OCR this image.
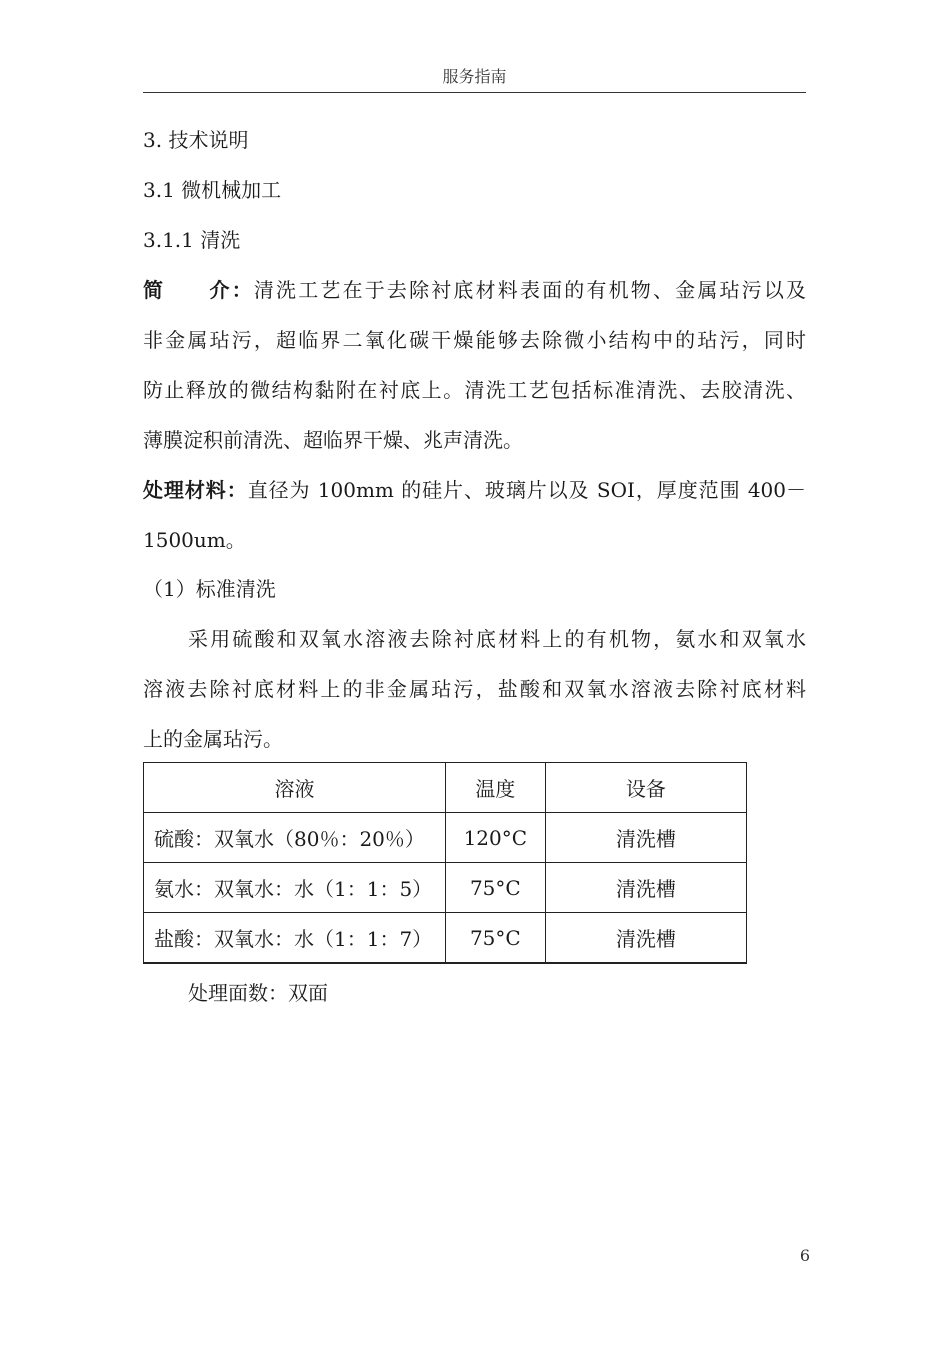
服务指南
3. 技术说明
3.1 微机械加工
3.1.1 清洗
简　　介：清洗工艺在于去除衬底材料表面的有机物、金属玷污以及
非金属玷污，超临界二氧化碳干燥能够去除微小结构中的玷污，同时
防止释放的微结构黏附在衬底上。清洗工艺包括标准清洗、去胶清洗、
薄膜淀积前清洗、超临界干燥、兆声清洗。
处理材料：直径为 100mm 的硅片、玻璃片以及 SOI，厚度范围 400－
1500um。
（1）标准清洗
采用硫酸和双氧水溶液去除衬底材料上的有机物，氨水和双氧水
溶液去除衬底材料上的非金属玷污，盐酸和双氧水溶液去除衬底材料
上的金属玷污。
溶液	温度	设备
硫酸：双氧水（80％：20％）	120°C	清洗槽
氨水：双氧水：水（1：1：5）	75°C	清洗槽
盐酸：双氧水：水（1：1：7）	75°C	清洗槽
处理面数：双面
6
